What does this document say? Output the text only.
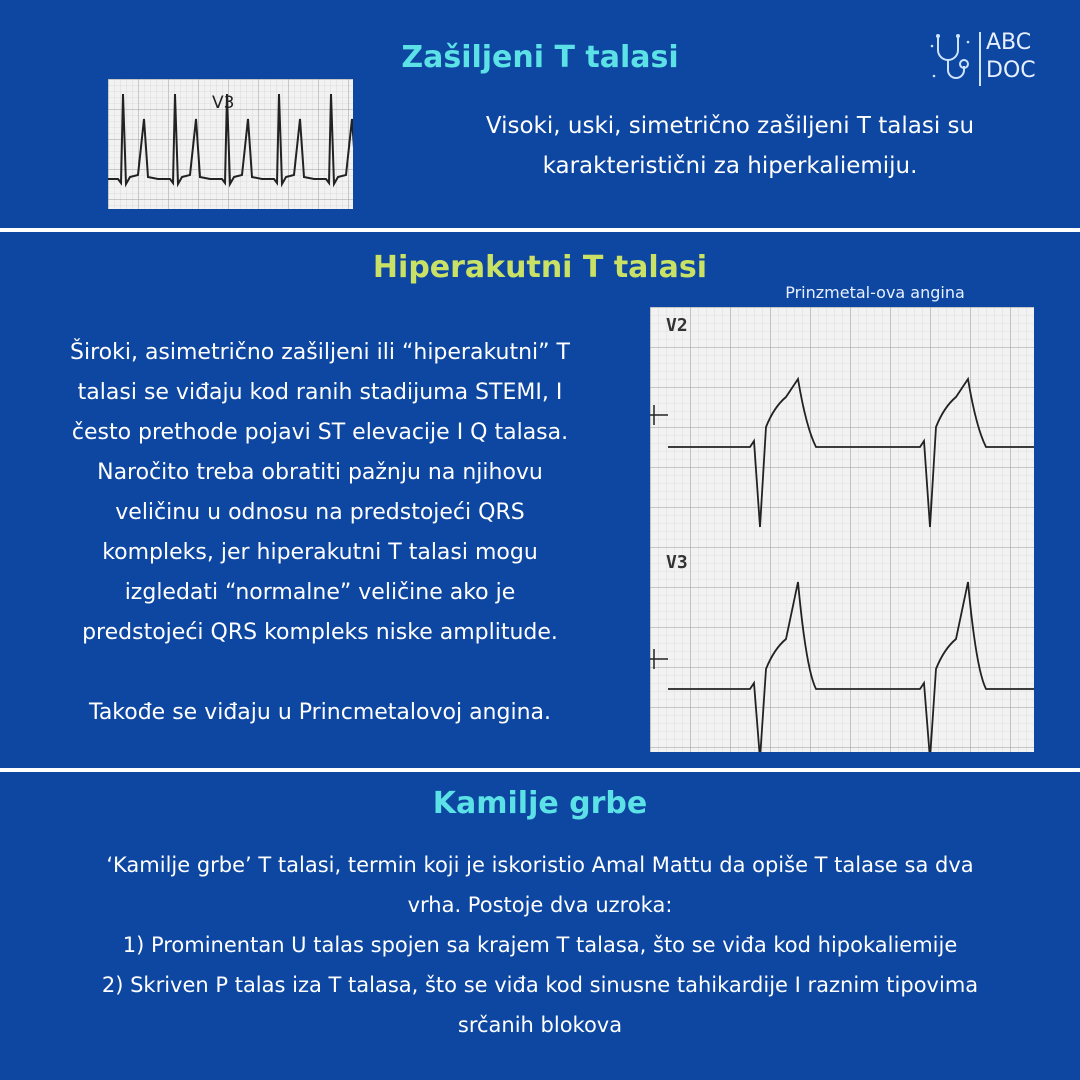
ABC
DOC
Zašiljeni T talasi
V3
Visoki, uski, simetrično zašiljeni T talasi su
karakteristični za hiperkaliemiju.
Hiperakutni T talasi
Prinzmetal-ova angina
V2
V3
Široki, asimetrično zašiljeni ili “hiperakutni” T
talasi se viđaju kod ranih stadijuma STEMI, I
često prethode pojavi ST elevacije I Q talasa.
Naročito treba obratiti pažnju na njihovu
veličinu u odnosu na predstojeći QRS
kompleks, jer hiperakutni T talasi mogu
izgledati “normalne” veličine ako je
predstojeći QRS kompleks niske amplitude.
Takođe se viđaju u Princmetalovoj angina.
Kamilje grbe
‘Kamilje grbe’ T talasi, termin koji je iskoristio Amal Mattu da opiše T talase sa dva
vrha. Postoje dva uzroka:
1) Prominentan U talas spojen sa krajem T talasa, što se viđa kod hipokaliemije
2) Skriven P talas iza T talasa, što se viđa kod sinusne tahikardije I raznim tipovima
srčanih blokova
